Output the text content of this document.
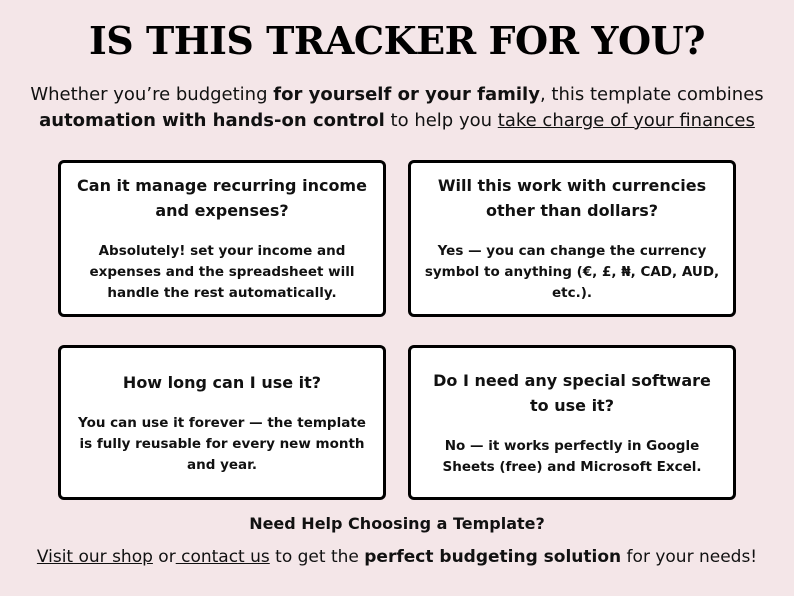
IS THIS TRACKER FOR YOU?
Whether you’re budgeting for yourself or your family, this template combines
automation with hands-on control to help you take charge of your finances
Can it manage recurring income and expenses?
Absolutely! set your income and expenses and the spreadsheet will handle the rest automatically.
Will this work with currencies other than dollars?
Yes — you can change the currency symbol to anything (€, £, ₦, CAD, AUD, etc.).
How long can I use it?
You can use it forever — the template is fully reusable for every new month and year.
Do I need any special software to use it?
No — it works perfectly in Google Sheets (free) and Microsoft Excel.
Need Help Choosing a Template?
Visit our shop or contact us to get the perfect budgeting solution for your needs!
